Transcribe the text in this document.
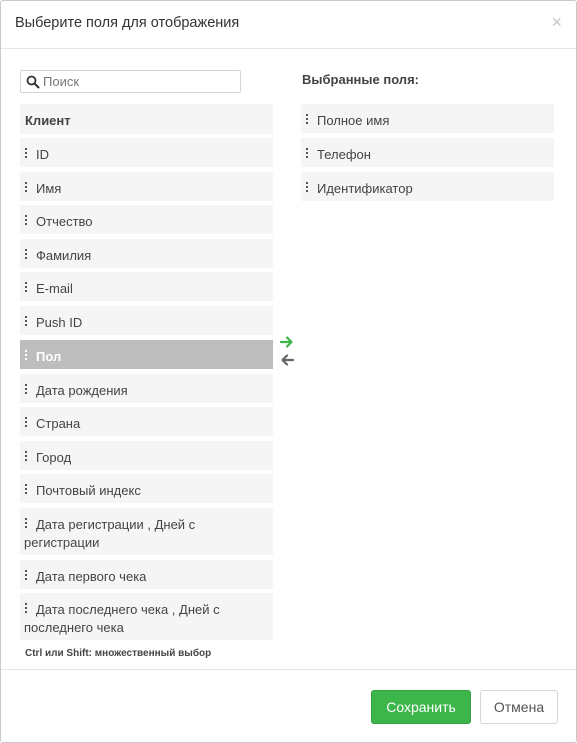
Выберите поля для отображения	×
Поиск
Клиент
ID
Имя
Отчество
Фамилия
E-mail
Push ID
Пол
Дата рождения
Страна
Город
Почтовый индекс
Дата регистрации , Дней с регистрации
Дата первого чека
Дата последнего чека , Дней с последнего чека
Выбранные поля:
Полное имя
Телефон
Идентификатор
Ctrl или Shift: множественный выбор
Сохранить	Отмена
